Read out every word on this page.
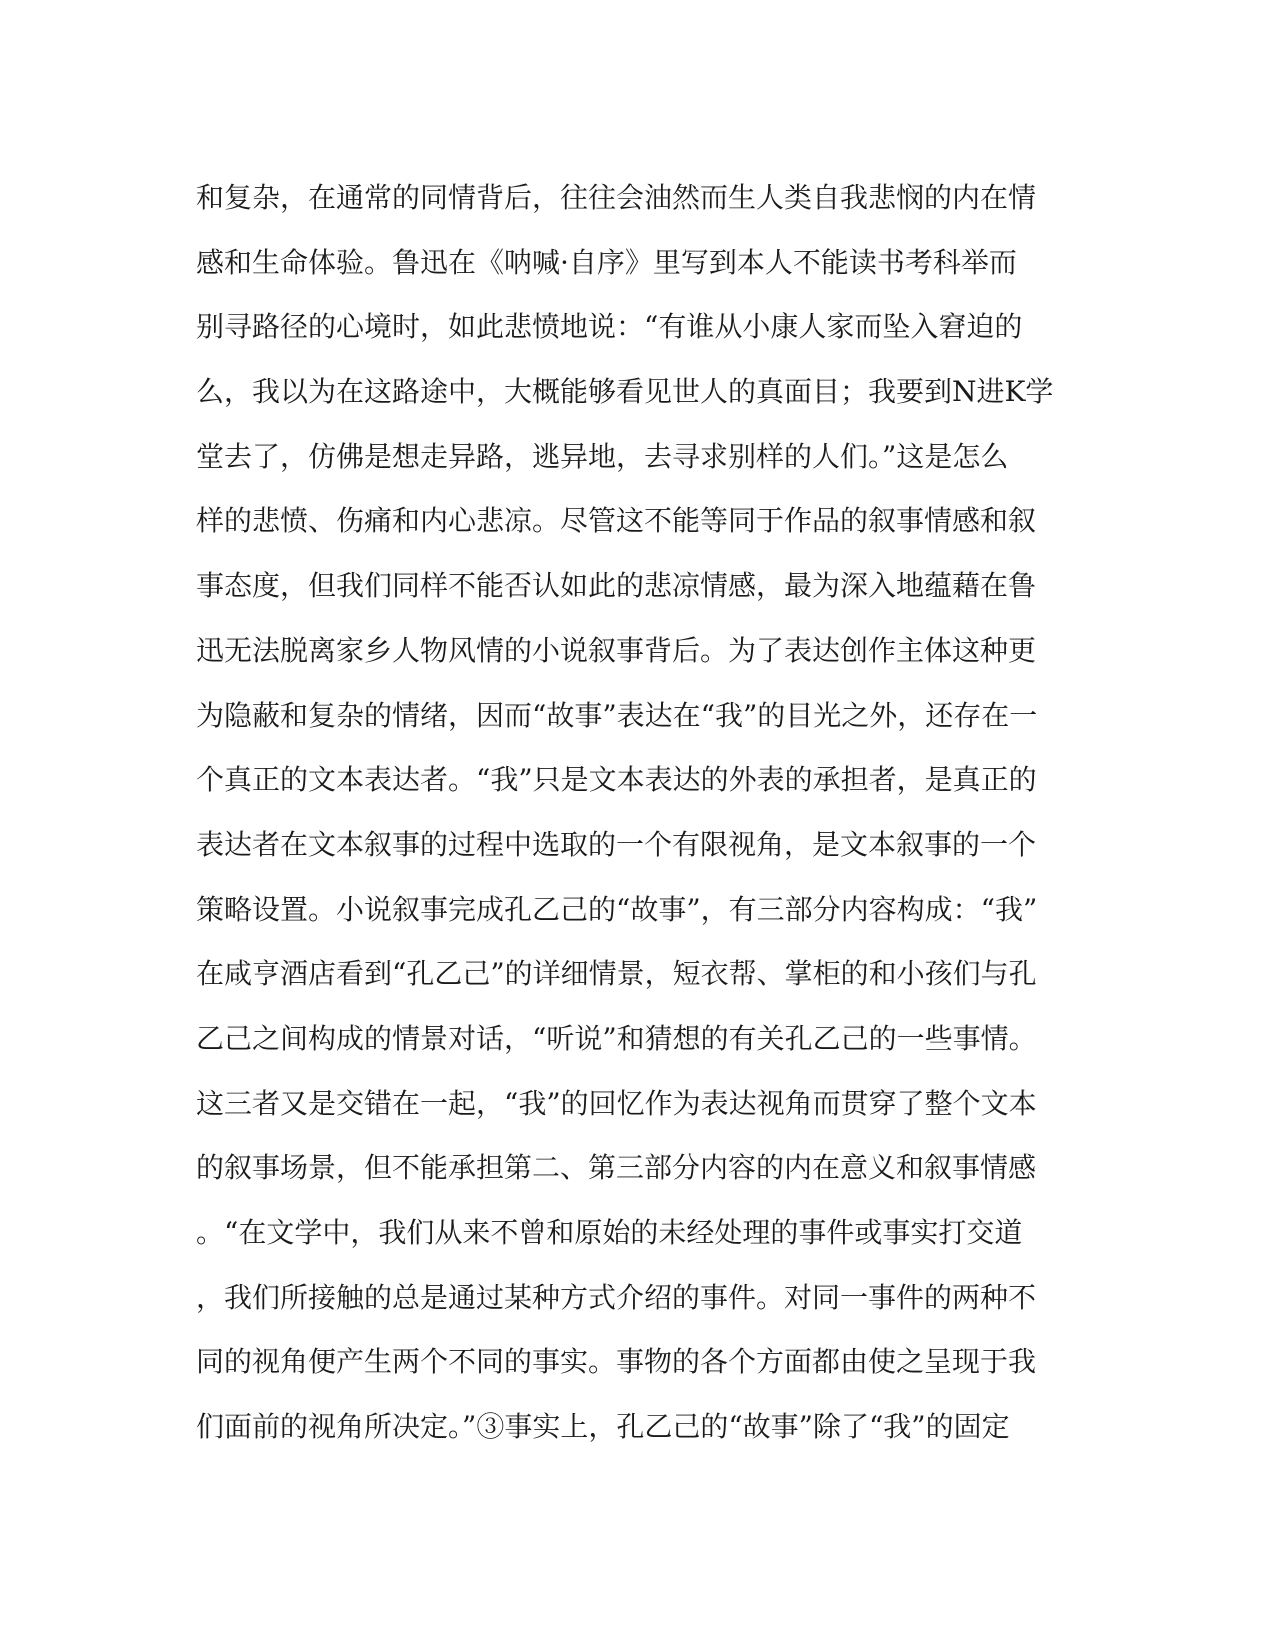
和复杂，在通常的同情背后，往往会油然而生人类自我悲悯的内在情
感和生命体验。鲁迅在《呐喊·自序》里写到本人不能读书考科举而
别寻路径的心境时，如此悲愤地说：“有谁从小康人家而坠入窘迫的
么，我以为在这路途中，大概能够看见世人的真面目；我要到N进K学
堂去了，仿佛是想走异路，逃异地，去寻求别样的人们。”这是怎么
样的悲愤、伤痛和内心悲凉。尽管这不能等同于作品的叙事情感和叙
事态度，但我们同样不能否认如此的悲凉情感，最为深入地蕴藉在鲁
迅无法脱离家乡人物风情的小说叙事背后。为了表达创作主体这种更
为隐蔽和复杂的情绪，因而“故事”表达在“我”的目光之外，还存在一
个真正的文本表达者。“我”只是文本表达的外表的承担者，是真正的
表达者在文本叙事的过程中选取的一个有限视角，是文本叙事的一个
策略设置。小说叙事完成孔乙己的“故事”，有三部分内容构成：“我”
在咸亨酒店看到“孔乙己”的详细情景，短衣帮、掌柜的和小孩们与孔
乙己之间构成的情景对话，“听说”和猜想的有关孔乙己的一些事情。
这三者又是交错在一起，“我”的回忆作为表达视角而贯穿了整个文本
的叙事场景，但不能承担第二、第三部分内容的内在意义和叙事情感
。“在文学中，我们从来不曾和原始的未经处理的事件或事实打交道
，我们所接触的总是通过某种方式介绍的事件。对同一事件的两种不
同的视角便产生两个不同的事实。事物的各个方面都由使之呈现于我
们面前的视角所决定。”③事实上，孔乙己的“故事”除了“我”的固定
